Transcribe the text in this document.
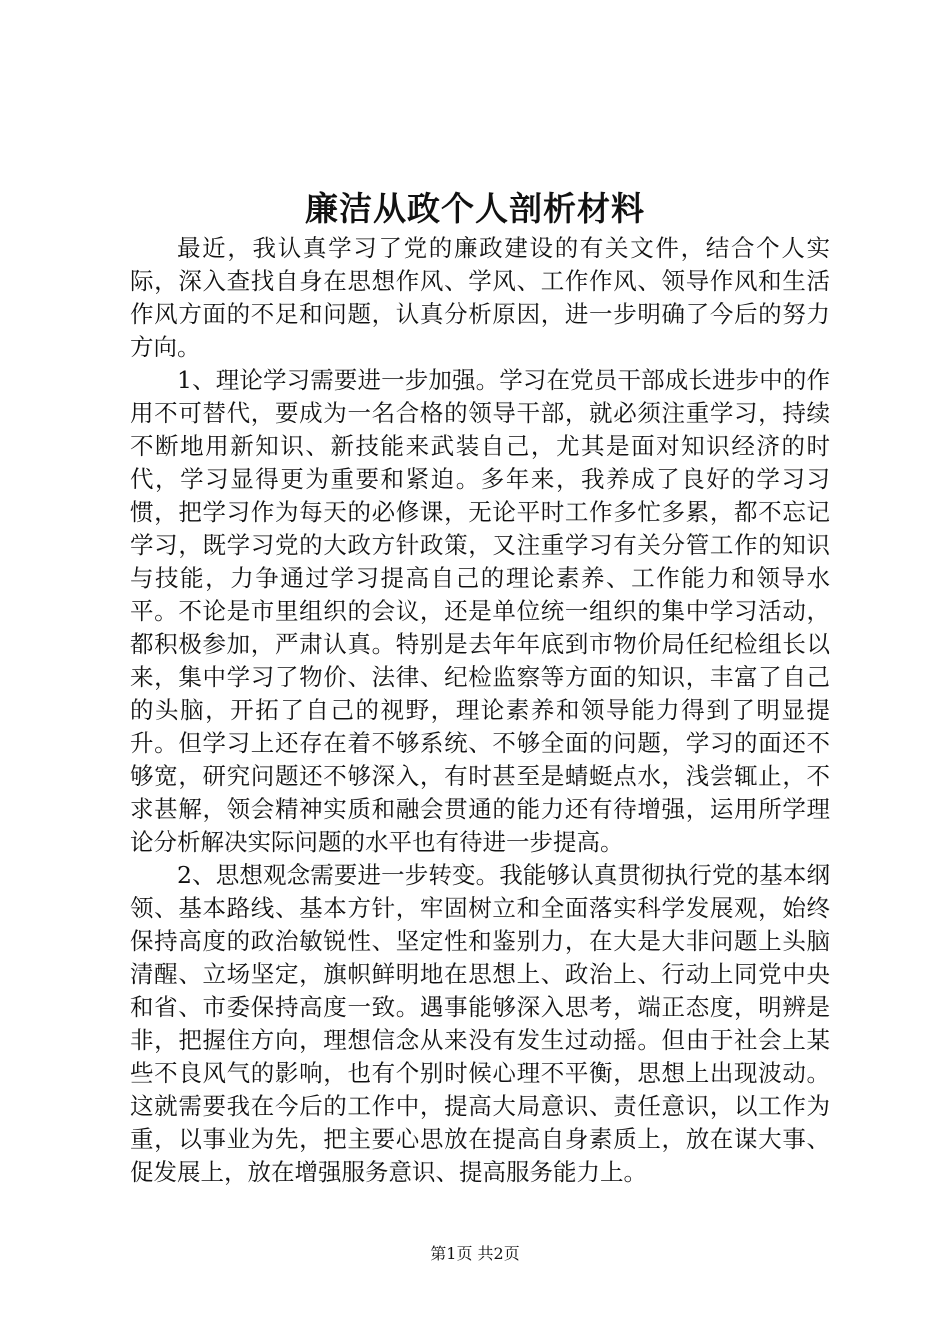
廉洁从政个人剖析材料

最近，我认真学习了党的廉政建设的有关文件，结合个人实际，深入查找自身在思想作风、学风、工作作风、领导作风和生活作风方面的不足和问题，认真分析原因，进一步明确了今后的努力方向。

1、理论学习需要进一步加强。学习在党员干部成长进步中的作用不可替代，要成为一名合格的领导干部，就必须注重学习，持续不断地用新知识、新技能来武装自己，尤其是面对知识经济的时代，学习显得更为重要和紧迫。多年来，我养成了良好的学习习惯，把学习作为每天的必修课，无论平时工作多忙多累，都不忘记学习，既学习党的大政方针政策，又注重学习有关分管工作的知识与技能，力争通过学习提高自己的理论素养、工作能力和领导水平。不论是市里组织的会议，还是单位统一组织的集中学习活动，都积极参加，严肃认真。特别是去年年底到市物价局任纪检组长以来，集中学习了物价、法律、纪检监察等方面的知识，丰富了自己的头脑，开拓了自己的视野，理论素养和领导能力得到了明显提升。但学习上还存在着不够系统、不够全面的问题，学习的面还不够宽，研究问题还不够深入，有时甚至是蜻蜓点水，浅尝辄止，不求甚解，领会精神实质和融会贯通的能力还有待增强，运用所学理论分析解决实际问题的水平也有待进一步提高。

2、思想观念需要进一步转变。我能够认真贯彻执行党的基本纲领、基本路线、基本方针，牢固树立和全面落实科学发展观，始终保持高度的政治敏锐性、坚定性和鉴别力，在大是大非问题上头脑清醒、立场坚定，旗帜鲜明地在思想上、政治上、行动上同党中央和省、市委保持高度一致。遇事能够深入思考，端正态度，明辨是非，把握住方向，理想信念从来没有发生过动摇。但由于社会上某些不良风气的影响，也有个别时候心理不平衡，思想上出现波动。这就需要我在今后的工作中，提高大局意识、责任意识，以工作为重，以事业为先，把主要心思放在提高自身素质上，放在谋大事、促发展上，放在增强服务意识、提高服务能力上。

第1页 共2页
